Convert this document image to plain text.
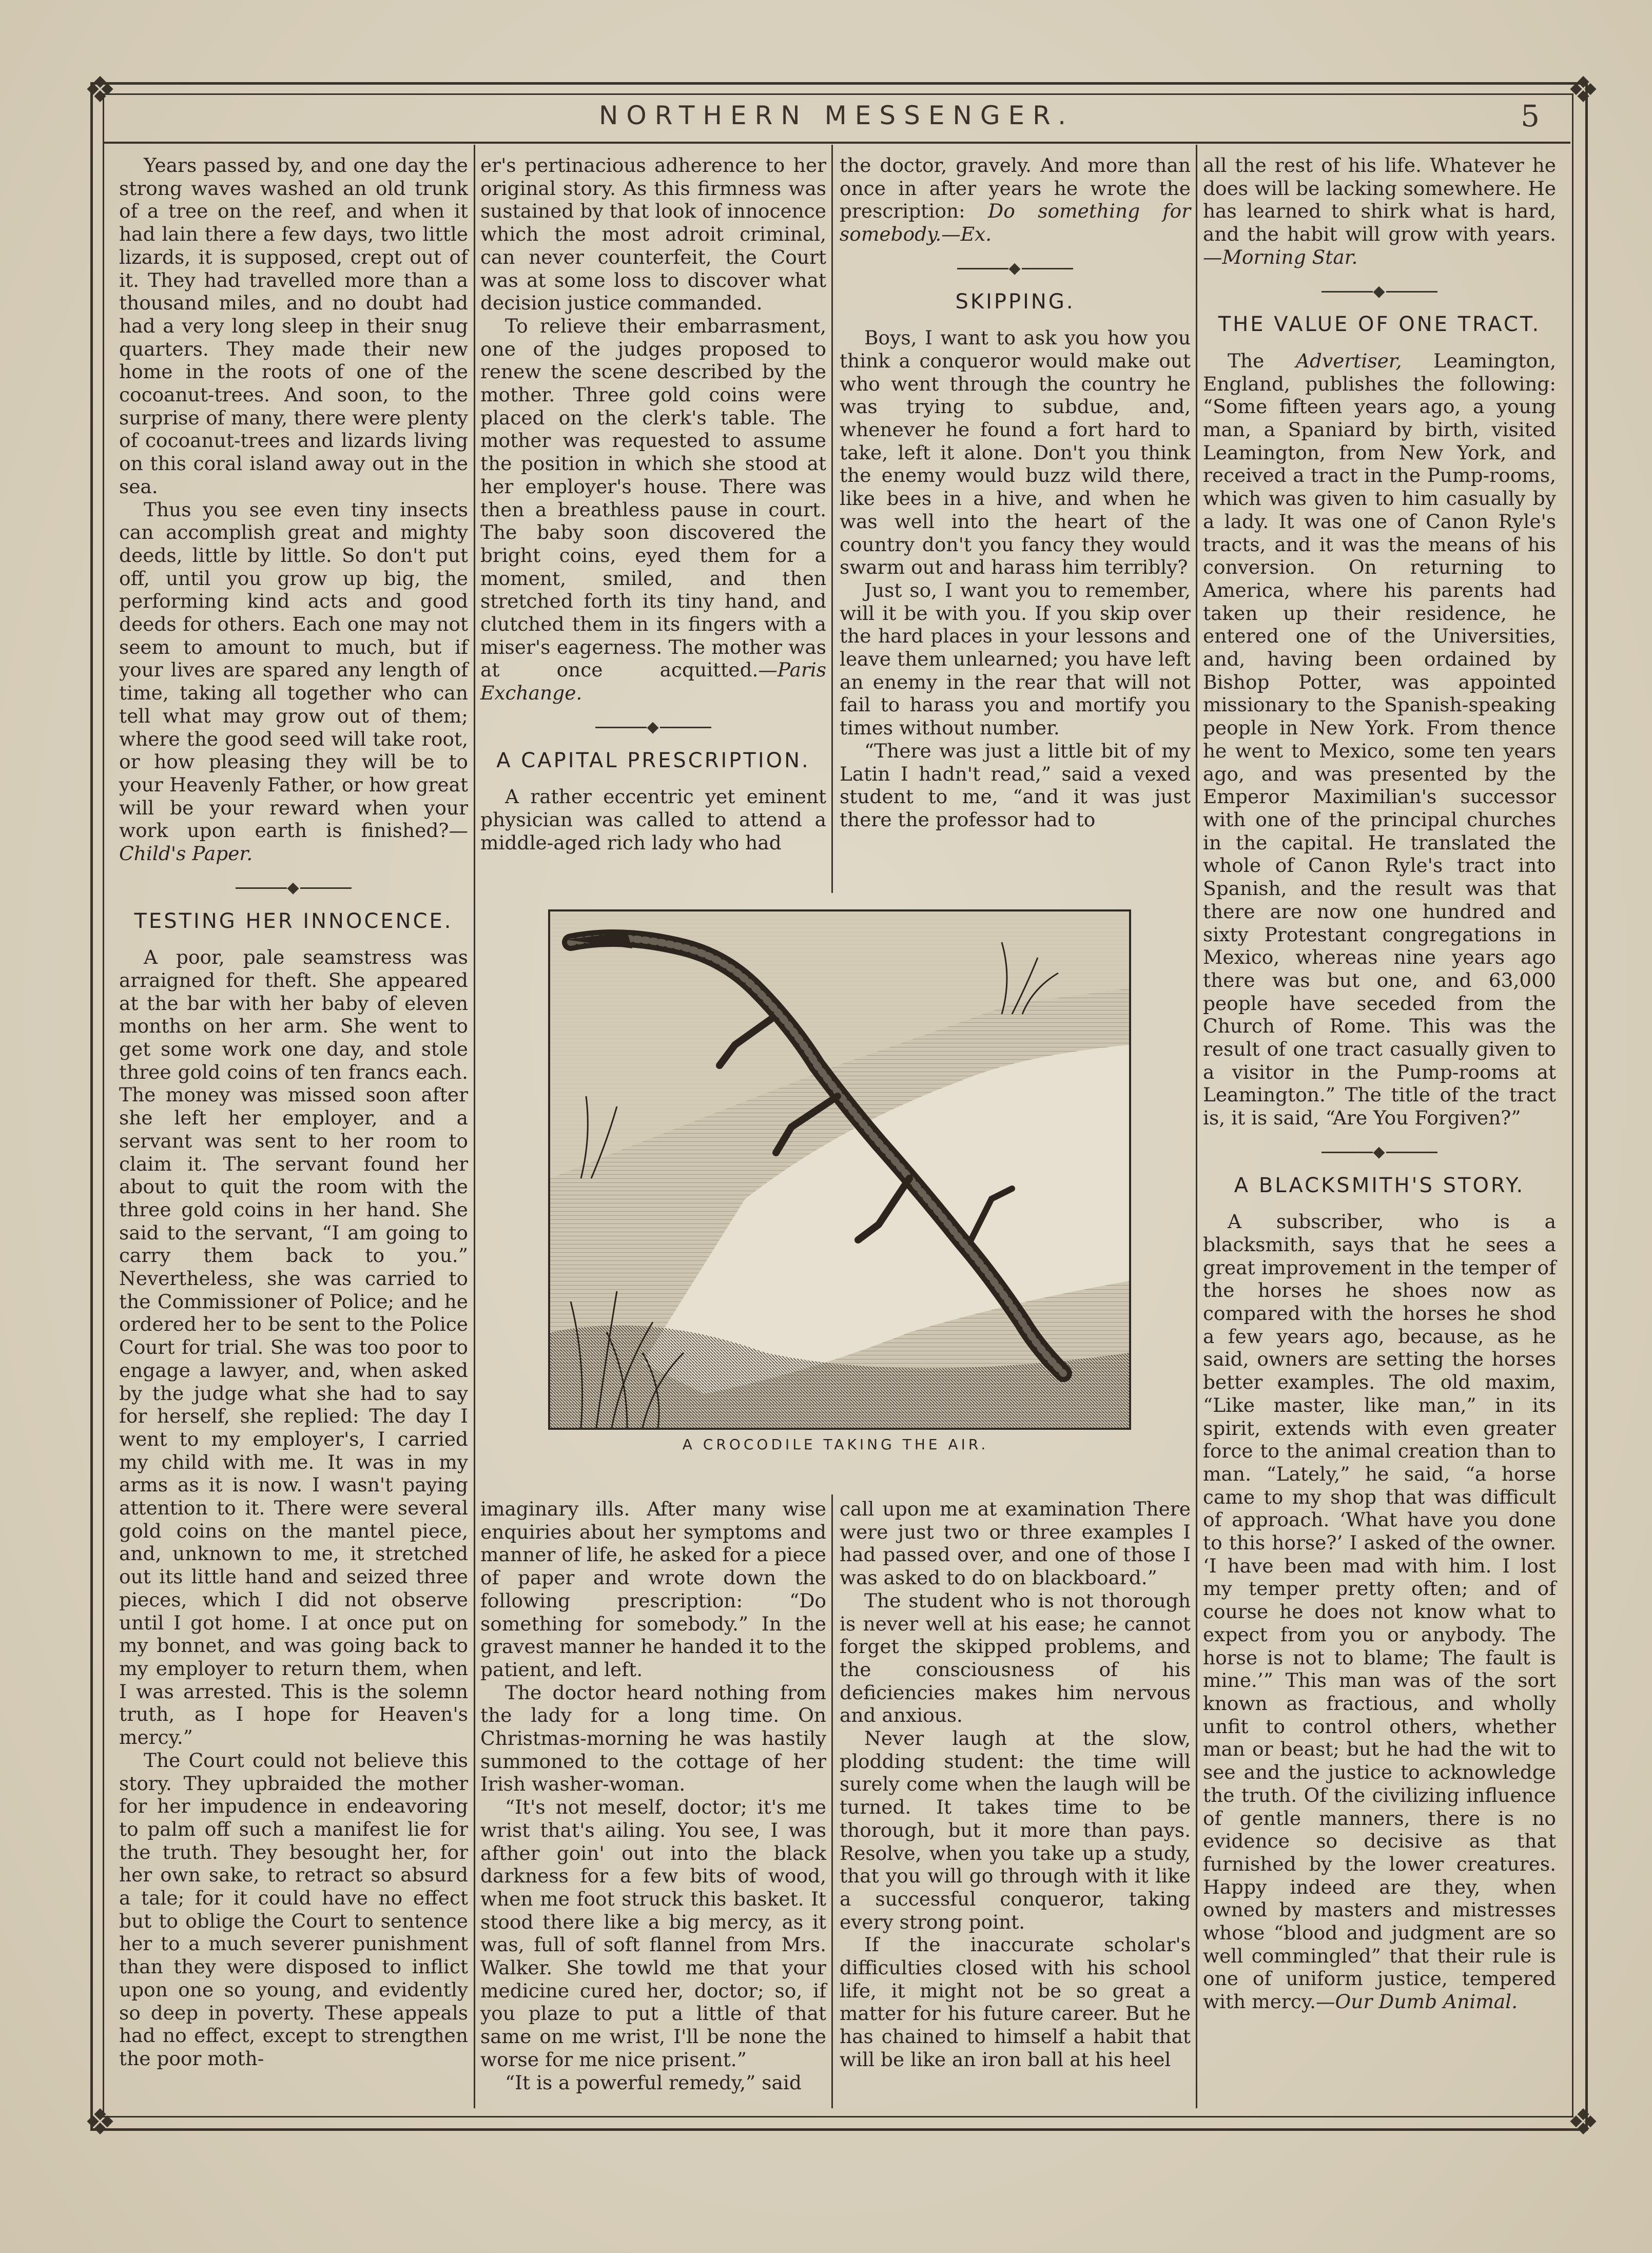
❖	❖
❖	❖
NORTHERN MESSENGER.	5

Years passed by, and one day the strong waves washed an old trunk of a tree on the reef, and when it had lain there a few days, two little lizards, it is supposed, crept out of it. They had travelled more than a thousand miles, and no doubt had had a very long sleep in their snug quarters. They made their new home in the roots of one of the cocoanut-trees. And soon, to the surprise of many, there were plenty of cocoanut-trees and lizards living on this coral island away out in the sea.

Thus you see even tiny insects can accomplish great and mighty deeds, little by little. So don't put off, until you grow up big, the performing kind acts and good deeds for others. Each one may not seem to amount to much, but if your lives are spared any length of time, taking all together who can tell what may grow out of them; where the good seed will take root, or how pleasing they will be to your Heavenly Father, or how great will be your reward when your work upon earth is finished?—Child's Paper.

◆
TESTING HER INNOCENCE.

A poor, pale seamstress was arraigned for theft. She appeared at the bar with her baby of eleven months on her arm. She went to get some work one day, and stole three gold coins of ten francs each. The money was missed soon after she left her employer, and a servant was sent to her room to claim it. The servant found her about to quit the room with the three gold coins in her hand. She said to the servant, “I am going to carry them back to you.” Nevertheless, she was carried to the Commissioner of Police; and he ordered her to be sent to the Police Court for trial. She was too poor to engage a lawyer, and, when asked by the judge what she had to say for herself, she replied: The day I went to my employer's, I carried my child with me. It was in my arms as it is now. I wasn't paying attention to it. There were several gold coins on the mantel piece, and, unknown to me, it stretched out its little hand and seized three pieces, which I did not observe until I got home. I at once put on my bonnet, and was going back to my employer to return them, when I was arrested. This is the solemn truth, as I hope for Heaven's mercy.”

The Court could not believe this story. They upbraided the mother for her impudence in endeavoring to palm off such a manifest lie for the truth. They besought her, for her own sake, to retract so absurd a tale; for it could have no effect but to oblige the Court to sentence her to a much severer punishment than they were disposed to inflict upon one so young, and evidently so deep in poverty. These appeals had no effect, except to strengthen the poor moth-

er's pertinacious adherence to her original story. As this firmness was sustained by that look of innocence which the most adroit criminal, can never counterfeit, the Court was at some loss to discover what decision justice commanded.

To relieve their embarrasment, one of the judges proposed to renew the scene described by the mother. Three gold coins were placed on the clerk's table. The mother was requested to assume the position in which she stood at her employer's house. There was then a breathless pause in court. The baby soon discovered the bright coins, eyed them for a moment, smiled, and then stretched forth its tiny hand, and clutched them in its fingers with a miser's eagerness. The mother was at once acquitted.—Paris Exchange.

◆
A CAPITAL PRESCRIPTION.

A rather eccentric yet eminent physician was called to attend a middle-aged rich lady who had

the doctor, gravely. And more than once in after years he wrote the prescription: Do something for somebody.—Ex.

◆
SKIPPING.

Boys, I want to ask you how you think a conqueror would make out who went through the country he was trying to subdue, and, whenever he found a fort hard to take, left it alone. Don't you think the enemy would buzz wild there, like bees in a hive, and when he was well into the heart of the country don't you fancy they would swarm out and harass him terribly?

Just so, I want you to remember, will it be with you. If you skip over the hard places in your lessons and leave them unlearned; you have left an enemy in the rear that will not fail to harass you and mortify you times without number.

“There was just a little bit of my Latin I hadn't read,” said a vexed student to me, “and it was just there the professor had to

A CROCODILE TAKING THE AIR.

imaginary ills. After many wise enquiries about her symptoms and manner of life, he asked for a piece of paper and wrote down the following prescription: “Do something for somebody.” In the gravest manner he handed it to the patient, and left.

The doctor heard nothing from the lady for a long time. On Christmas-morning he was hastily summoned to the cottage of her Irish washer-woman.

“It's not meself, doctor; it's me wrist that's ailing. You see, I was afther goin' out into the black darkness for a few bits of wood, when me foot struck this basket. It stood there like a big mercy, as it was, full of soft flannel from Mrs. Walker. She towld me that your medicine cured her, doctor; so, if you plaze to put a little of that same on me wrist, I'll be none the worse for me nice prisent.”

“It is a powerful remedy,” said

call upon me at examination There were just two or three examples I had passed over, and one of those I was asked to do on blackboard.”

The student who is not thorough is never well at his ease; he cannot forget the skipped problems, and the consciousness of his deficiencies makes him nervous and anxious.

Never laugh at the slow, plodding student: the time will surely come when the laugh will be turned. It takes time to be thorough, but it more than pays. Resolve, when you take up a study, that you will go through with it like a successful conqueror, taking every strong point.

If the inaccurate scholar's difficulties closed with his school life, it might not be so great a matter for his future career. But he has chained to himself a habit that will be like an iron ball at his heel

all the rest of his life. Whatever he does will be lacking somewhere. He has learned to shirk what is hard, and the habit will grow with years.—Morning Star.

◆
THE VALUE OF ONE TRACT.

The Advertiser, Leamington, England, publishes the following: “Some fifteen years ago, a young man, a Spaniard by birth, visited Leamington, from New York, and received a tract in the Pump-rooms, which was given to him casually by a lady. It was one of Canon Ryle's tracts, and it was the means of his conversion. On returning to America, where his parents had taken up their residence, he entered one of the Universities, and, having been ordained by Bishop Potter, was appointed missionary to the Spanish-speaking people in New York. From thence he went to Mexico, some ten years ago, and was presented by the Emperor Maximilian's successor with one of the principal churches in the capital. He translated the whole of Canon Ryle's tract into Spanish, and the result was that there are now one hundred and sixty Protestant congregations in Mexico, whereas nine years ago there was but one, and 63,000 people have seceded from the Church of Rome. This was the result of one tract casually given to a visitor in the Pump-rooms at Leamington.” The title of the tract is, it is said, “Are You Forgiven?”

◆
A BLACKSMITH'S STORY.

A subscriber, who is a blacksmith, says that he sees a great improvement in the temper of the horses he shoes now as compared with the horses he shod a few years ago, because, as he said, owners are setting the horses better examples. The old maxim, “Like master, like man,” in its spirit, extends with even greater force to the animal creation than to man. “Lately,” he said, “a horse came to my shop that was difficult of approach. ‘What have you done to this horse?’ I asked of the owner. ‘I have been mad with him. I lost my temper pretty often; and of course he does not know what to expect from you or anybody. The horse is not to blame; The fault is mine.’” This man was of the sort known as fractious, and wholly unfit to control others, whether man or beast; but he had the wit to see and the justice to acknowledge the truth. Of the civilizing influence of gentle manners, there is no evidence so decisive as that furnished by the lower creatures. Happy indeed are they, when owned by masters and mistresses whose “blood and judgment are so well commingled” that their rule is one of uniform justice, tempered with mercy.—Our Dumb Animal.
